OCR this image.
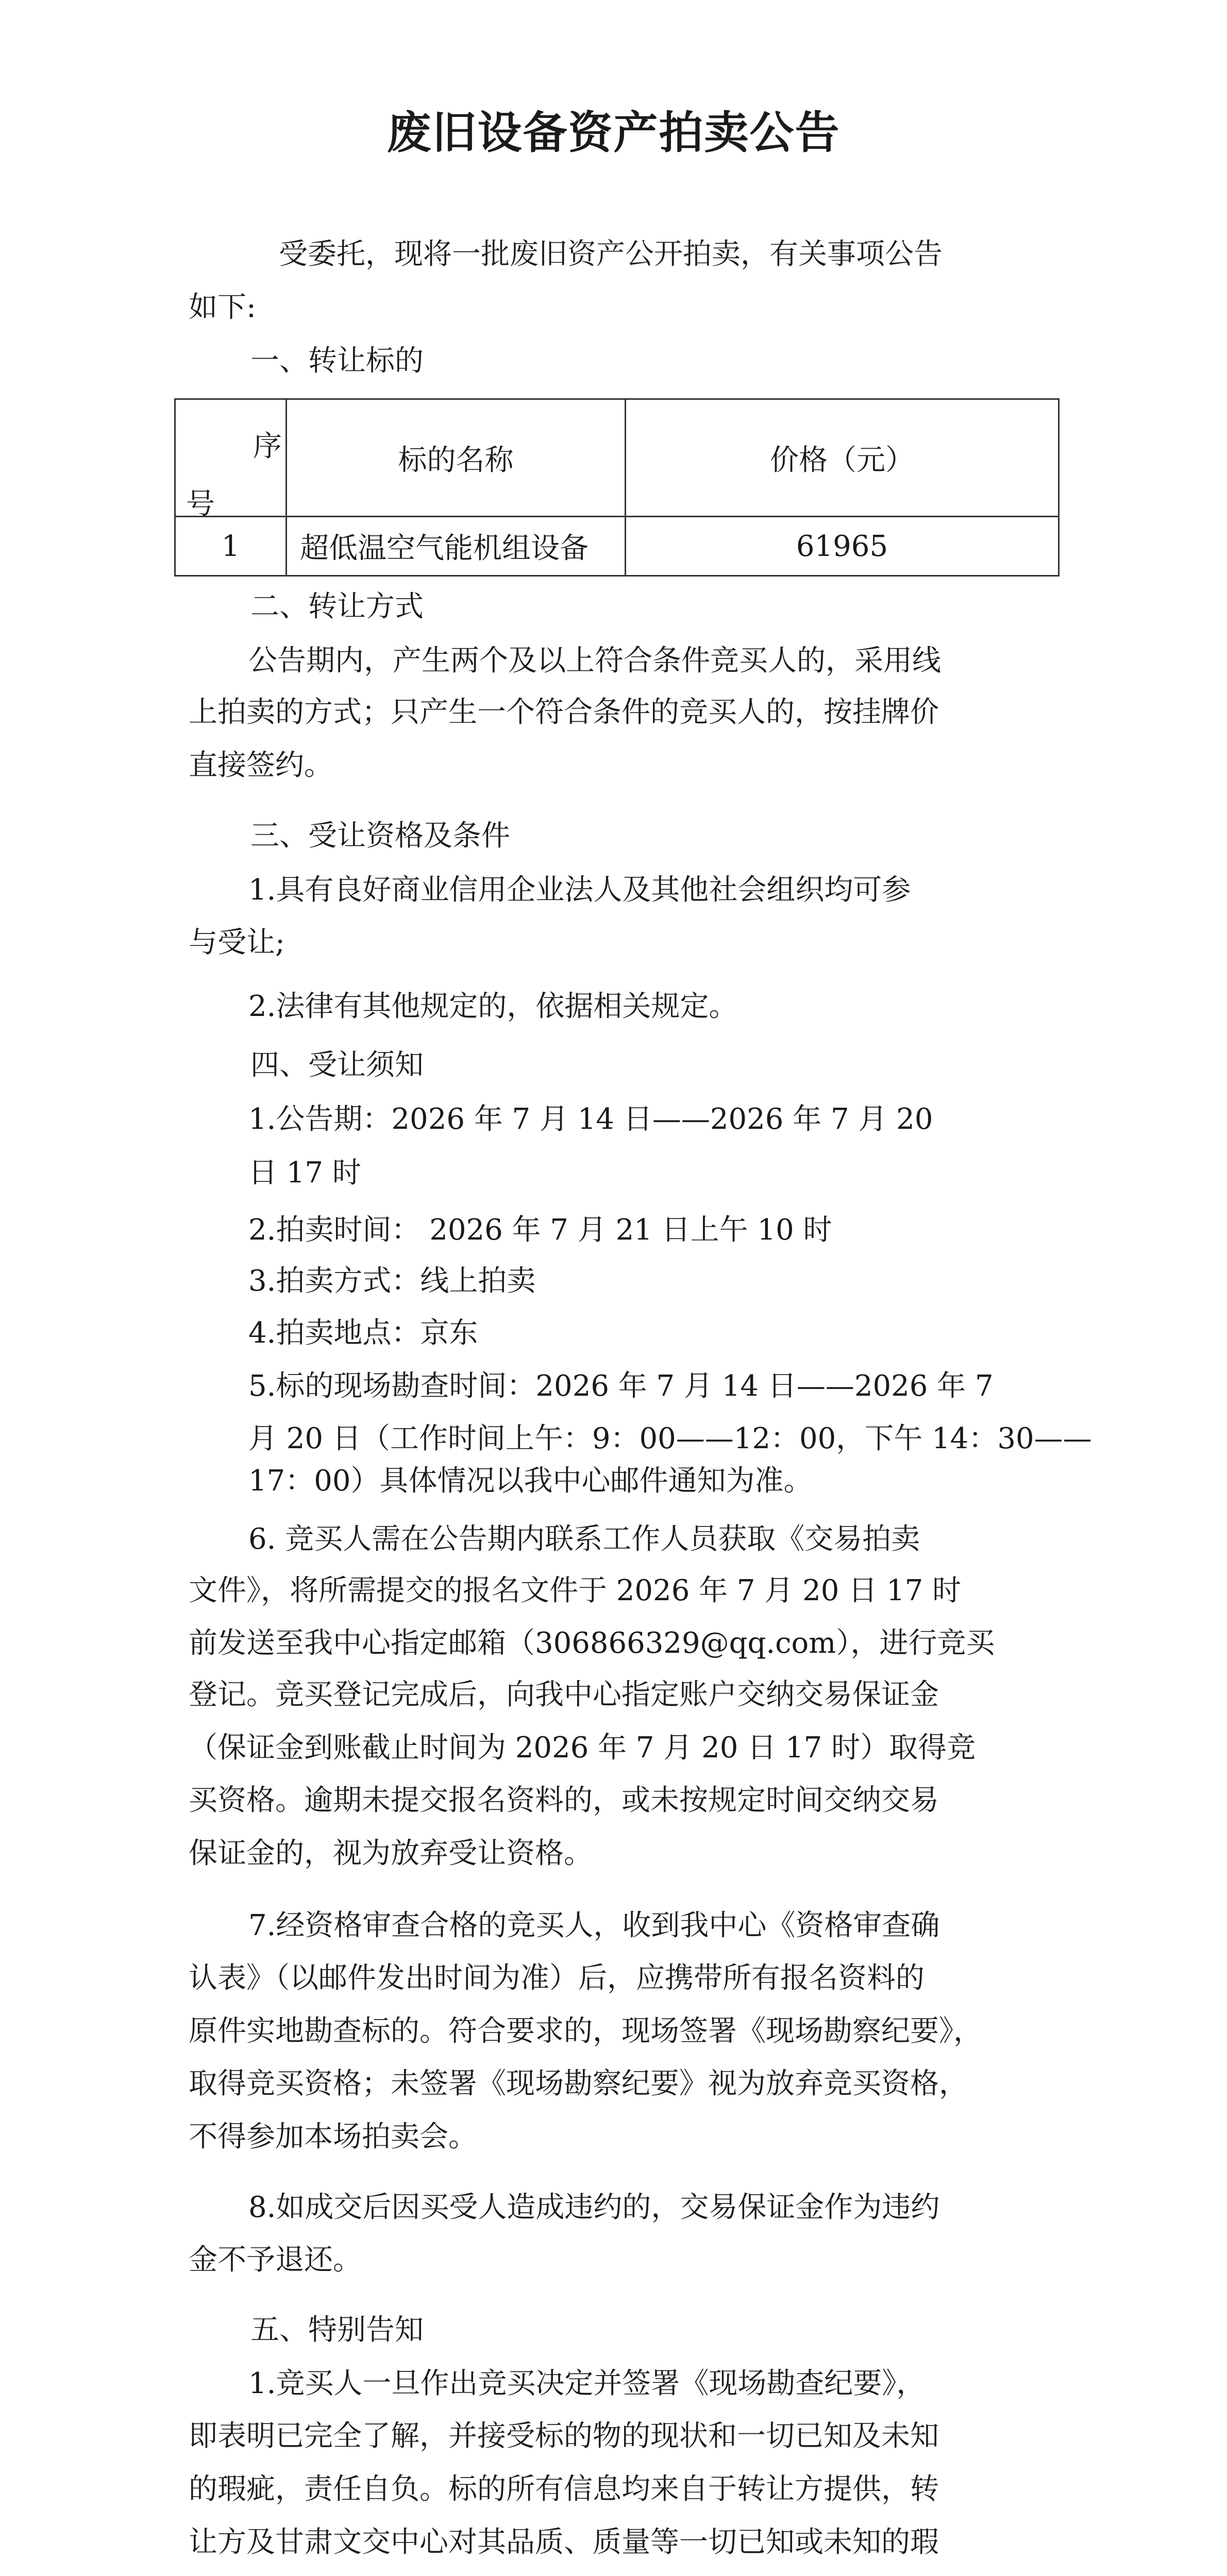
废旧设备资产拍卖公告
受委托，现将一批废旧资产公开拍卖，有关事项公告
如下:
一、转让标的
序
号	标的名称	价格（元）
1	超低温空气能机组设备	61965
二、转让方式
公告期内，产生两个及以上符合条件竞买人的，采用线
上拍卖的方式；只产生一个符合条件的竞买人的，按挂牌价
直接签约。
三、受让资格及条件
1.具有良好商业信用企业法人及其他社会组织均可参
与受让;
2.法律有其他规定的，依据相关规定。
四、受让须知
1.公告期：2026 年 7 月 14 日——2026 年 7 月 20
日 17 时
2.拍卖时间： 2026 年 7 月 21 日上午 10 时
3.拍卖方式：线上拍卖
4.拍卖地点：京东
5.标的现场勘查时间：2026 年 7 月 14 日——2026 年 7
月 20 日（工作时间上午：9：00——12：00，下午 14：30——
17：00）具体情况以我中心邮件通知为准。
6. 竞买人需在公告期内联系工作人员获取《交易拍卖
文件》，将所需提交的报名文件于 2026 年 7 月 20 日 17 时
前发送至我中心指定邮箱（306866329@qq.com），进行竞买
登记。竞买登记完成后，向我中心指定账户交纳交易保证金
（保证金到账截止时间为 2026 年 7 月 20 日 17 时）取得竞
买资格。逾期未提交报名资料的，或未按规定时间交纳交易
保证金的，视为放弃受让资格。
7.经资格审查合格的竞买人，收到我中心《资格审查确
认表》（以邮件发出时间为准）后，应携带所有报名资料的
原件实地勘查标的。符合要求的，现场签署《现场勘察纪要》，
取得竞买资格；未签署《现场勘察纪要》视为放弃竞买资格，
不得参加本场拍卖会。
8.如成交后因买受人造成违约的，交易保证金作为违约
金不予退还。
五、特别告知
1.竞买人一旦作出竞买决定并签署《现场勘查纪要》，
即表明已完全了解，并接受标的物的现状和一切已知及未知
的瑕疵，责任自负。标的所有信息均来自于转让方提供，转
让方及甘肃文交中心对其品质、质量等一切已知或未知的瑕
